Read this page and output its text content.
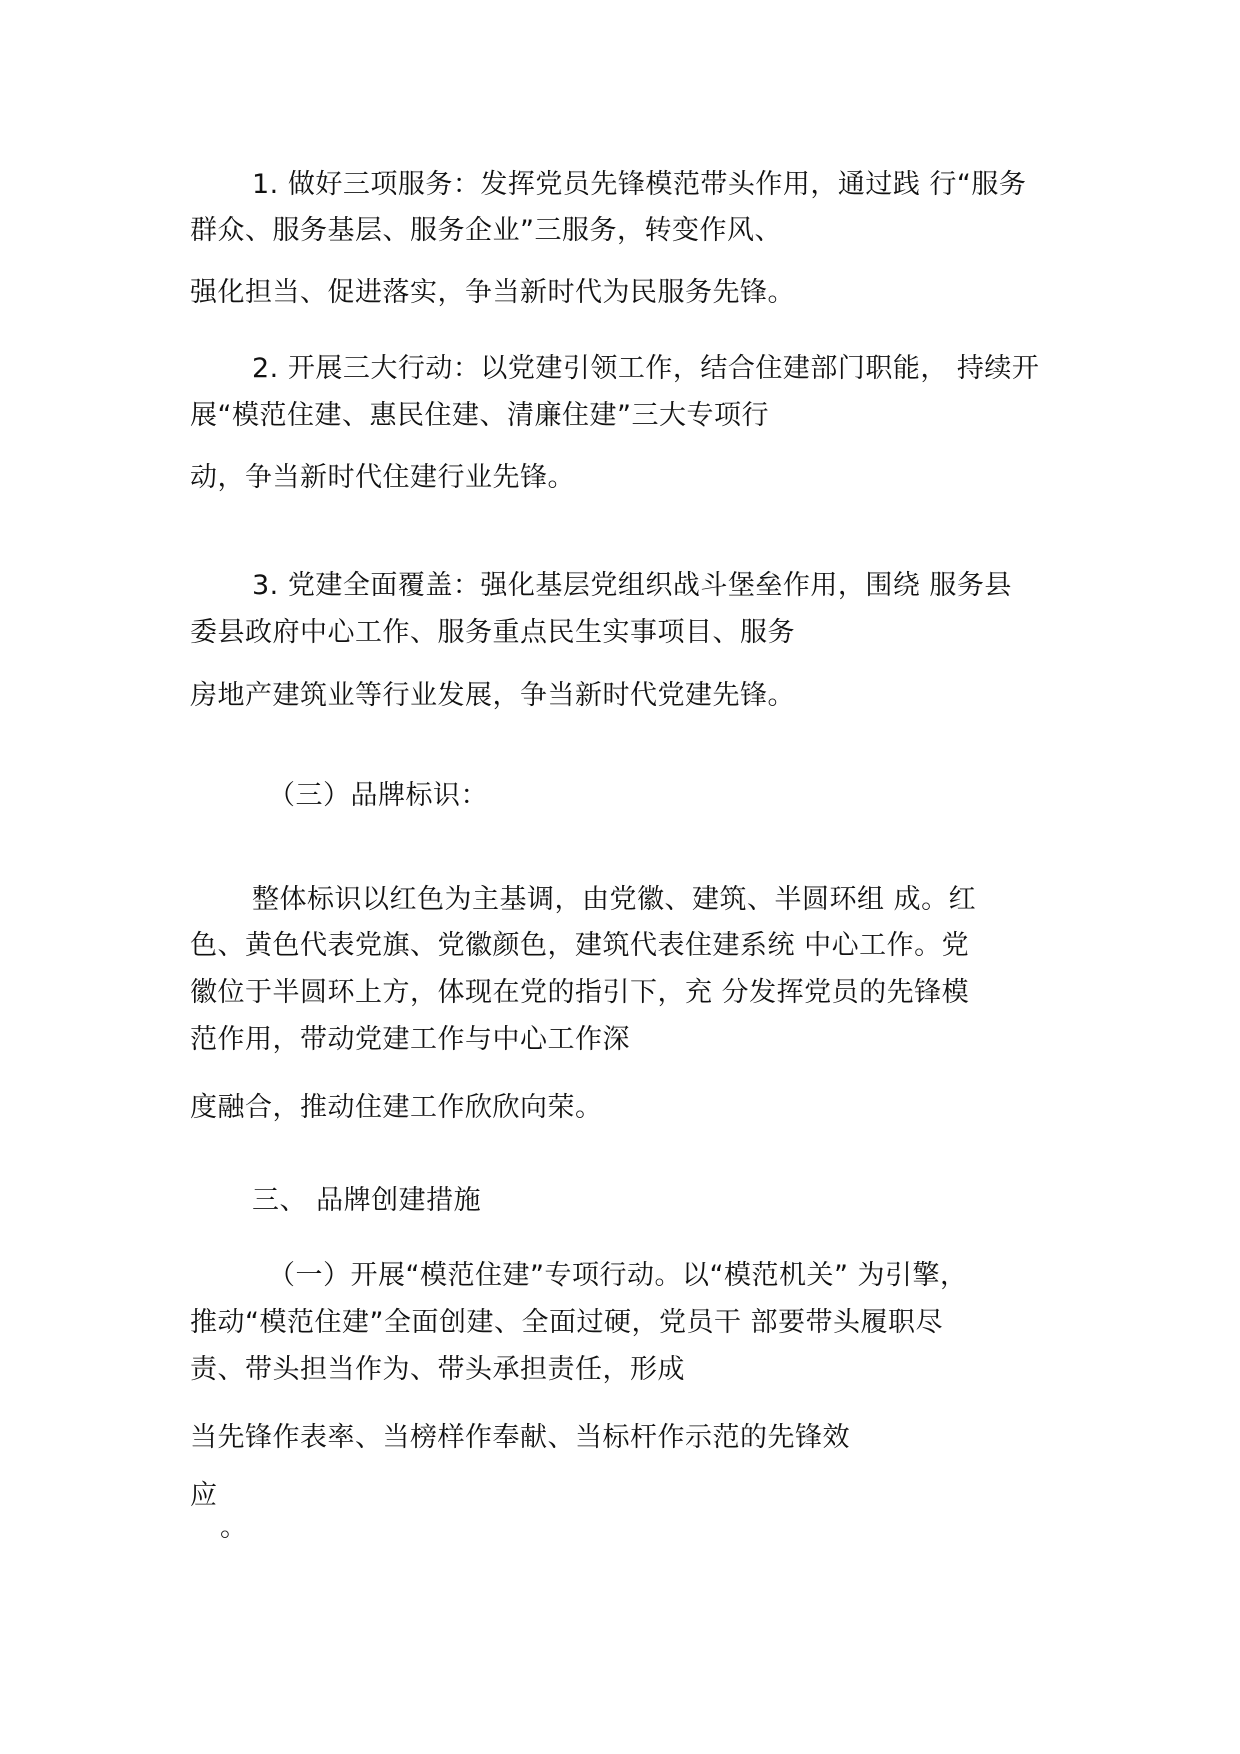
1. 做好三项服务：发挥党员先锋模范带头作用，通过践 行“服务
群众、服务基层、服务企业”三服务，转变作风、
强化担当、促进落实，争当新时代为民服务先锋。
2. 开展三大行动：以党建引领工作，结合住建部门职能， 持续开
展“模范住建、惠民住建、清廉住建”三大专项行
动，争当新时代住建行业先锋。
3. 党建全面覆盖：强化基层党组织战斗堡垒作用，围绕 服务县
委县政府中心工作、服务重点民生实事项目、服务
房地产建筑业等行业发展，争当新时代党建先锋。
（三）品牌标识：
整体标识以红色为主基调，由党徽、建筑、半圆环组 成。红
色、黄色代表党旗、党徽颜色，建筑代表住建系统 中心工作。党
徽位于半圆环上方，体现在党的指引下，充 分发挥党员的先锋模
范作用，带动党建工作与中心工作深
度融合，推动住建工作欣欣向荣。
三、 品牌创建措施
（一）开展“模范住建”专项行动。以“模范机关” 为引擎，
推动“模范住建”全面创建、全面过硬，党员干 部要带头履职尽
责、带头担当作为、带头承担责任，形成
当先锋作表率、当榜样作奉献、当标杆作示范的先锋效
应
。
